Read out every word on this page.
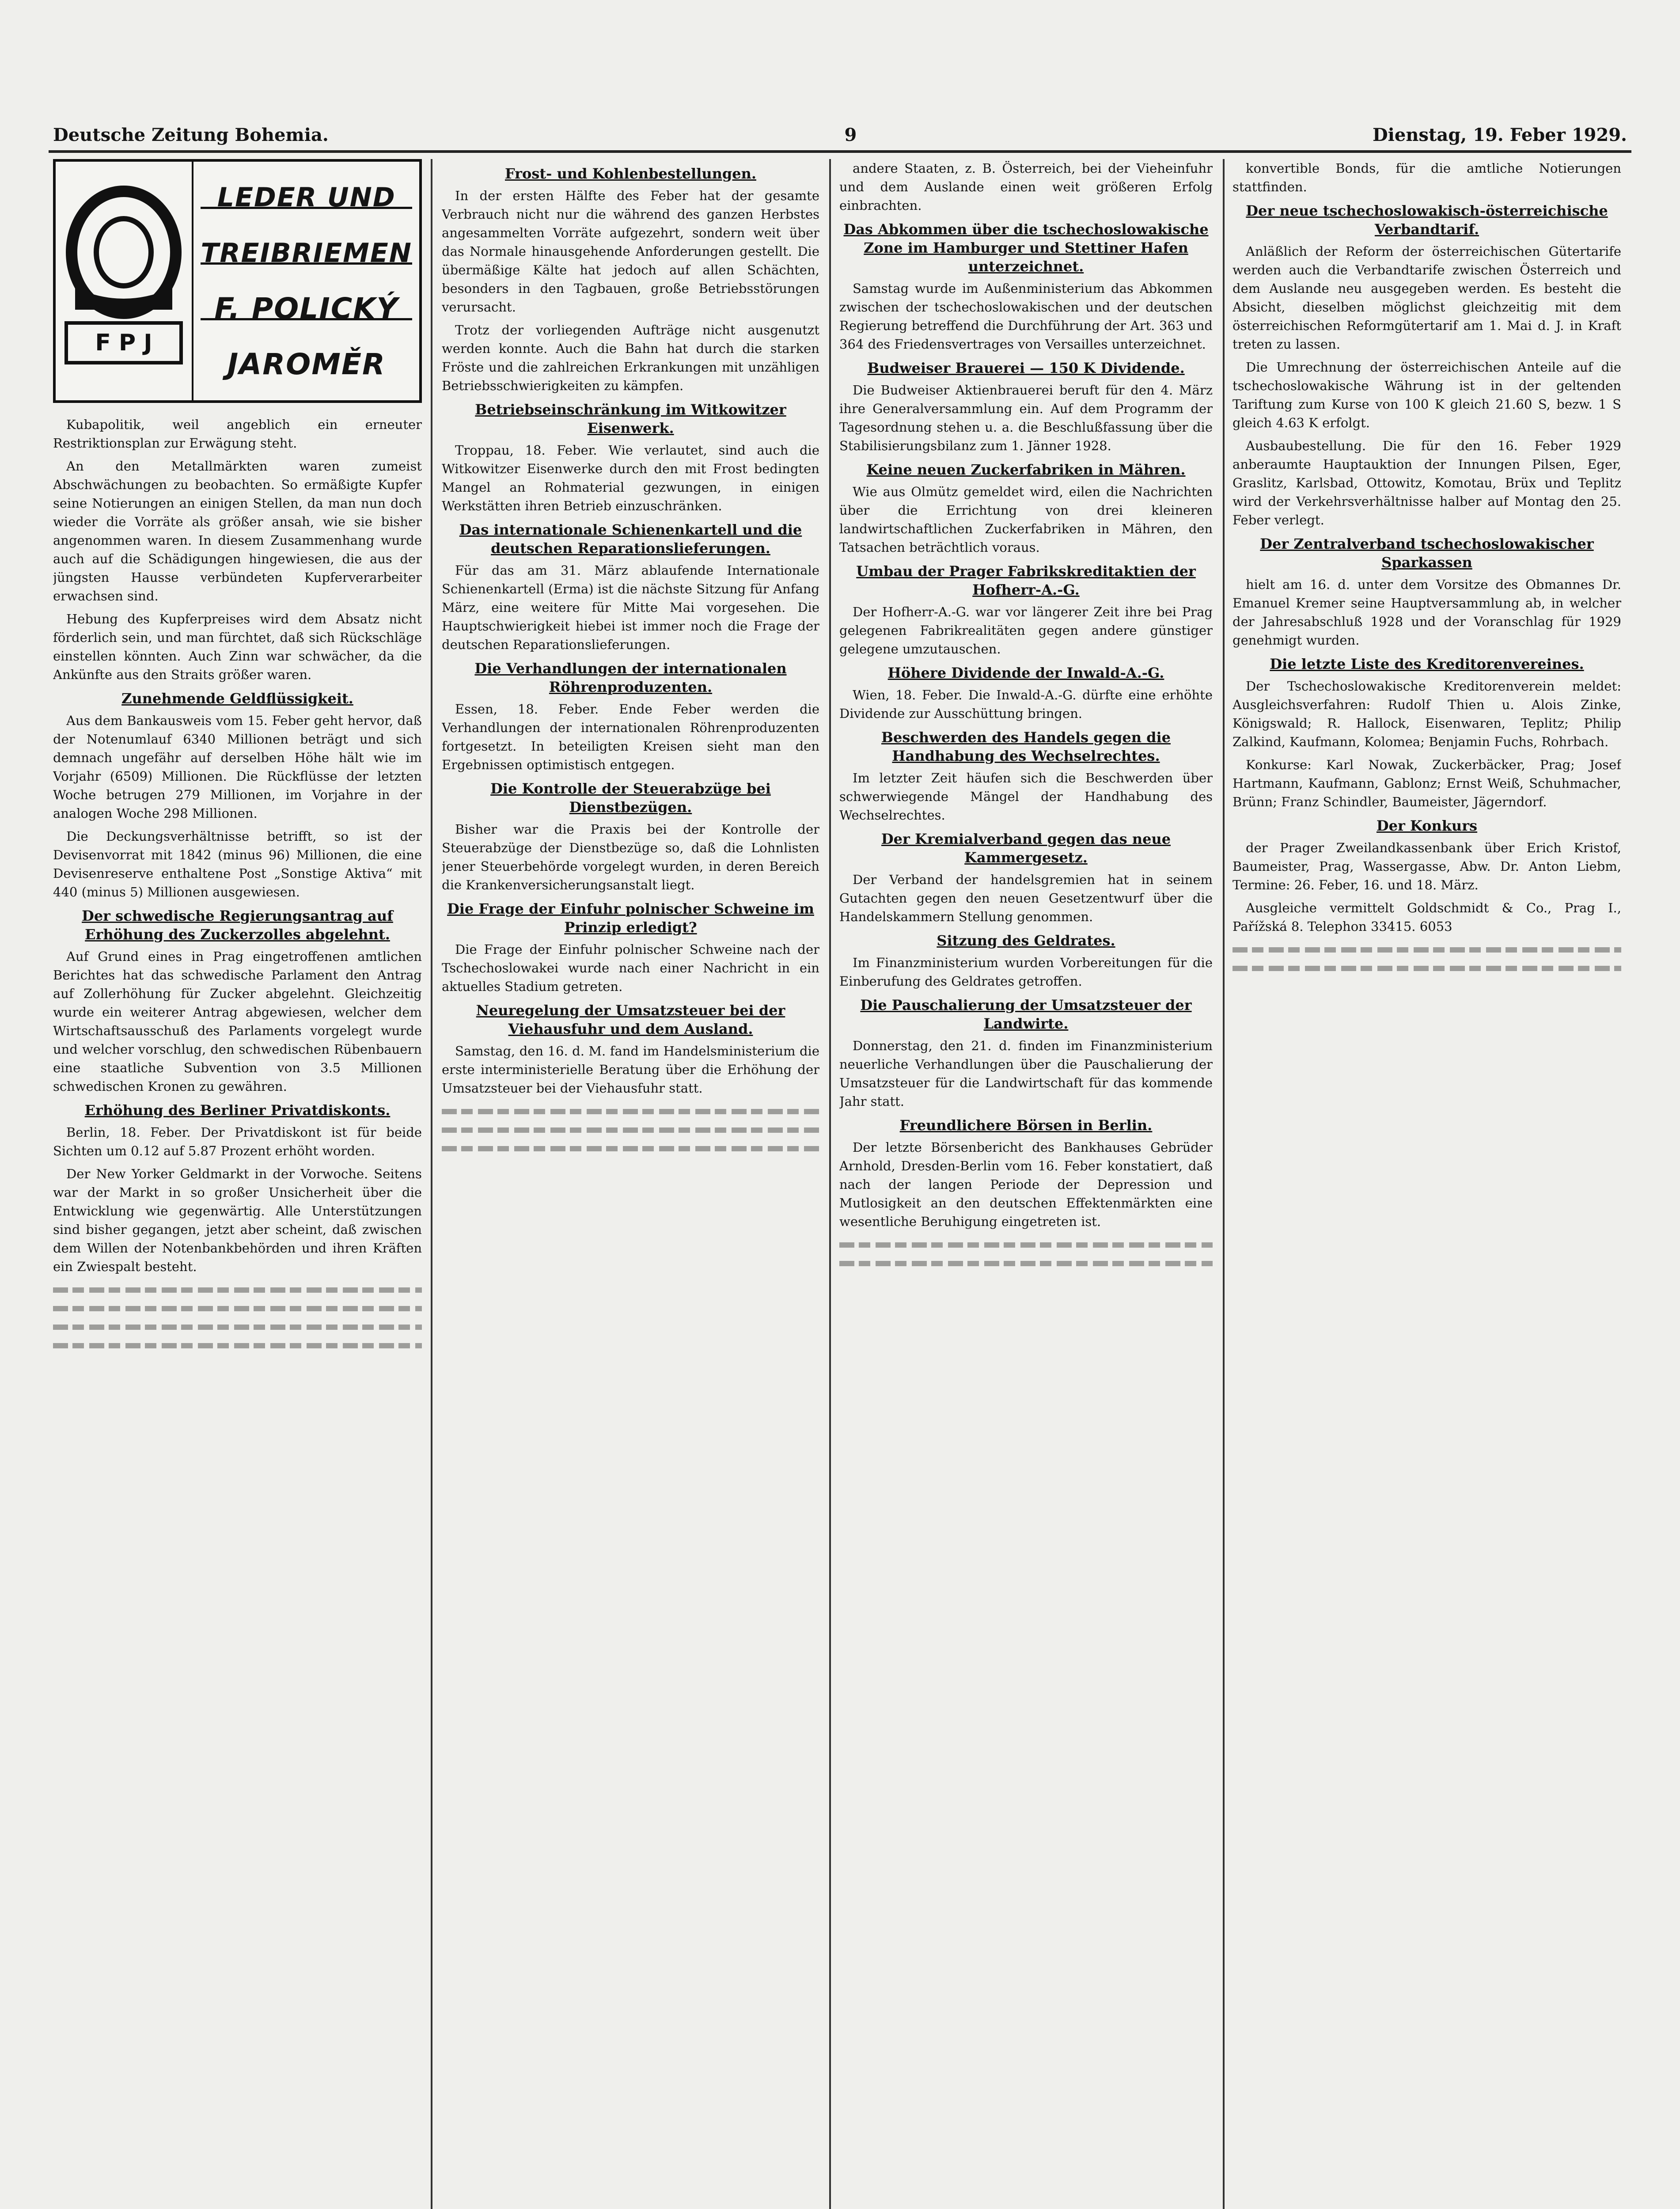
Deutsche Zeitung Bohemia.	9	Dienstag, 19. Feber 1929.
F P J
LEDER UND
TREIBRIEMEN
F. POLICKÝ
JAROMĚR

Kubapolitik, weil angeblich ein erneuter Restriktionsplan zur Erwägung steht.

An den Metallmärkten waren zumeist Abschwächungen zu beobachten. So ermäßigte Kupfer seine Notierungen an einigen Stellen, da man nun doch wieder die Vorräte als größer ansah, wie sie bisher angenommen waren. In diesem Zusammenhang wurde auch auf die Schädigungen hingewiesen, die aus der jüngsten Hausse verbündeten Kupferverarbeiter erwachsen sind.

Hebung des Kupferpreises wird dem Absatz nicht förderlich sein, und man fürchtet, daß sich Rückschläge einstellen könnten. Auch Zinn war schwächer, da die Ankünfte aus den Straits größer waren.

Zunehmende Geldflüssigkeit.

Aus dem Bankausweis vom 15. Feber geht hervor, daß der Notenumlauf 6340 Millionen beträgt und sich demnach ungefähr auf derselben Höhe hält wie im Vorjahr (6509) Millionen. Die Rückflüsse der letzten Woche betrugen 279 Millionen, im Vorjahre in der analogen Woche 298 Millionen.

Die Deckungsverhältnisse betrifft, so ist der Devisenvorrat mit 1842 (minus 96) Millionen, die eine Devisenreserve enthaltene Post „Sonstige Aktiva“ mit 440 (minus 5) Millionen ausgewiesen.

Der schwedische Regierungsantrag auf Erhöhung des Zuckerzolles abgelehnt.

Auf Grund eines in Prag eingetroffenen amtlichen Berichtes hat das schwedische Parlament den Antrag auf Zollerhöhung für Zucker abgelehnt. Gleichzeitig wurde ein weiterer Antrag abgewiesen, welcher dem Wirtschaftsausschuß des Parlaments vorgelegt wurde und welcher vorschlug, den schwedischen Rübenbauern eine staatliche Subvention von 3.5 Millionen schwedischen Kronen zu gewähren.

Erhöhung des Berliner Privatdiskonts.

Berlin, 18. Feber. Der Privatdiskont ist für beide Sichten um 0.12 auf 5.87 Prozent erhöht worden.

Der New Yorker Geldmarkt in der Vorwoche. Seitens war der Markt in so großer Unsicherheit über die Entwicklung wie gegenwärtig. Alle Unterstützungen sind bisher gegangen, jetzt aber scheint, daß zwischen dem Willen der Notenbankbehörden und ihren Kräften ein Zwiespalt besteht.

Frost- und Kohlenbestellungen.

In der ersten Hälfte des Feber hat der gesamte Verbrauch nicht nur die während des ganzen Herbstes angesammelten Vorräte aufgezehrt, sondern weit über das Normale hinausgehende Anforderungen gestellt. Die übermäßige Kälte hat jedoch auf allen Schächten, besonders in den Tagbauen, große Betriebsstörungen verursacht.

Trotz der vorliegenden Aufträge nicht ausgenutzt werden konnte. Auch die Bahn hat durch die starken Fröste und die zahlreichen Erkrankungen mit unzähligen Betriebsschwierigkeiten zu kämpfen.

Betriebseinschränkung im Witkowitzer Eisenwerk.

Troppau, 18. Feber. Wie verlautet, sind auch die Witkowitzer Eisenwerke durch den mit Frost bedingten Mangel an Rohmaterial gezwungen, in einigen Werkstätten ihren Betrieb einzuschränken.

Das internationale Schienenkartell und die deutschen Reparationslieferungen.

Für das am 31. März ablaufende Internationale Schienenkartell (Erma) ist die nächste Sitzung für Anfang März, eine weitere für Mitte Mai vorgesehen. Die Hauptschwierigkeit hiebei ist immer noch die Frage der deutschen Reparationslieferungen.

Die Verhandlungen der internationalen Röhrenproduzenten.

Essen, 18. Feber. Ende Feber werden die Verhandlungen der internationalen Röhrenproduzenten fortgesetzt. In beteiligten Kreisen sieht man den Ergebnissen optimistisch entgegen.

Die Kontrolle der Steuerabzüge bei Dienstbezügen.

Bisher war die Praxis bei der Kontrolle der Steuerabzüge der Dienstbezüge so, daß die Lohnlisten jener Steuerbehörde vorgelegt wurden, in deren Bereich die Krankenversicherungsanstalt liegt.

Die Frage der Einfuhr polnischer Schweine im Prinzip erledigt?

Die Frage der Einfuhr polnischer Schweine nach der Tschechoslowakei wurde nach einer Nachricht in ein aktuelles Stadium getreten.

Neuregelung der Umsatzsteuer bei der Viehausfuhr und dem Ausland.

Samstag, den 16. d. M. fand im Handelsministerium die erste interministerielle Beratung über die Erhöhung der Umsatzsteuer bei der Viehausfuhr statt.

andere Staaten, z. B. Österreich, bei der Vieheinfuhr und dem Auslande einen weit größeren Erfolg einbrachten.

Das Abkommen über die tschechoslowakische Zone im Hamburger und Stettiner Hafen unterzeichnet.

Samstag wurde im Außenministerium das Abkommen zwischen der tschechoslowakischen und der deutschen Regierung betreffend die Durchführung der Art. 363 und 364 des Friedensvertrages von Versailles unterzeichnet.

Budweiser Brauerei — 150 K Dividende.

Die Budweiser Aktienbrauerei beruft für den 4. März ihre Generalversammlung ein. Auf dem Programm der Tagesordnung stehen u. a. die Beschlußfassung über die Stabilisierungsbilanz zum 1. Jänner 1928.

Keine neuen Zuckerfabriken in Mähren.

Wie aus Olmütz gemeldet wird, eilen die Nachrichten über die Errichtung von drei kleineren landwirtschaftlichen Zuckerfabriken in Mähren, den Tatsachen beträchtlich voraus.

Umbau der Prager Fabrikskreditaktien der Hofherr-A.-G.

Der Hofherr-A.-G. war vor längerer Zeit ihre bei Prag gelegenen Fabrikrealitäten gegen andere günstiger gelegene umzutauschen.

Höhere Dividende der Inwald-A.-G.

Wien, 18. Feber. Die Inwald-A.-G. dürfte eine erhöhte Dividende zur Ausschüttung bringen.

Beschwerden des Handels gegen die Handhabung des Wechselrechtes.

Im letzter Zeit häufen sich die Beschwerden über schwerwiegende Mängel der Handhabung des Wechselrechtes.

Der Kremialverband gegen das neue Kammergesetz.

Der Verband der handelsgremien hat in seinem Gutachten gegen den neuen Gesetzentwurf über die Handelskammern Stellung genommen.

Sitzung des Geldrates.

Im Finanzministerium wurden Vorbereitungen für die Einberufung des Geldrates getroffen.

Die Pauschalierung der Umsatzsteuer der Landwirte.

Donnerstag, den 21. d. finden im Finanzministerium neuerliche Verhandlungen über die Pauschalierung der Umsatzsteuer für die Landwirtschaft für das kommende Jahr statt.

Freundlichere Börsen in Berlin.

Der letzte Börsenbericht des Bankhauses Gebrüder Arnhold, Dresden-Berlin vom 16. Feber konstatiert, daß nach der langen Periode der Depression und Mutlosigkeit an den deutschen Effektenmärkten eine wesentliche Beruhigung eingetreten ist.

konvertible Bonds, für die amtliche Notierungen stattfinden.

Der neue tschechoslowakisch-österreichische Verbandtarif.

Anläßlich der Reform der österreichischen Gütertarife werden auch die Verbandtarife zwischen Österreich und dem Auslande neu ausgegeben werden. Es besteht die Absicht, dieselben möglichst gleichzeitig mit dem österreichischen Reformgütertarif am 1. Mai d. J. in Kraft treten zu lassen.

Die Umrechnung der österreichischen Anteile auf die tschechoslowakische Währung ist in der geltenden Tariftung zum Kurse von 100 K gleich 21.60 S, bezw. 1 S gleich 4.63 K erfolgt.

Ausbaubestellung. Die für den 16. Feber 1929 anberaumte Hauptauktion der Innungen Pilsen, Eger, Graslitz, Karlsbad, Ottowitz, Komotau, Brüx und Teplitz wird der Verkehrsverhältnisse halber auf Montag den 25. Feber verlegt.

Der Zentralverband tschechoslowakischer Sparkassen

hielt am 16. d. unter dem Vorsitze des Obmannes Dr. Emanuel Kremer seine Hauptversammlung ab, in welcher der Jahresabschluß 1928 und der Voranschlag für 1929 genehmigt wurden.

Die letzte Liste des Kreditorenvereines.

Der Tschechoslowakische Kreditorenverein meldet: Ausgleichsverfahren: Rudolf Thien u. Alois Zinke, Königswald; R. Hallock, Eisenwaren, Teplitz; Philip Zalkind, Kaufmann, Kolomea; Benjamin Fuchs, Rohrbach.

Konkurse: Karl Nowak, Zuckerbäcker, Prag; Josef Hartmann, Kaufmann, Gablonz; Ernst Weiß, Schuhmacher, Brünn; Franz Schindler, Baumeister, Jägerndorf.

Der Konkurs

der Prager Zweilandkassenbank über Erich Kristof, Baumeister, Prag, Wassergasse, Abw. Dr. Anton Liebm, Termine: 26. Feber, 16. und 18. März.

Ausgleiche vermittelt Goldschmidt & Co., Prag I., Pařížská 8. Telephon 33415. 6053
